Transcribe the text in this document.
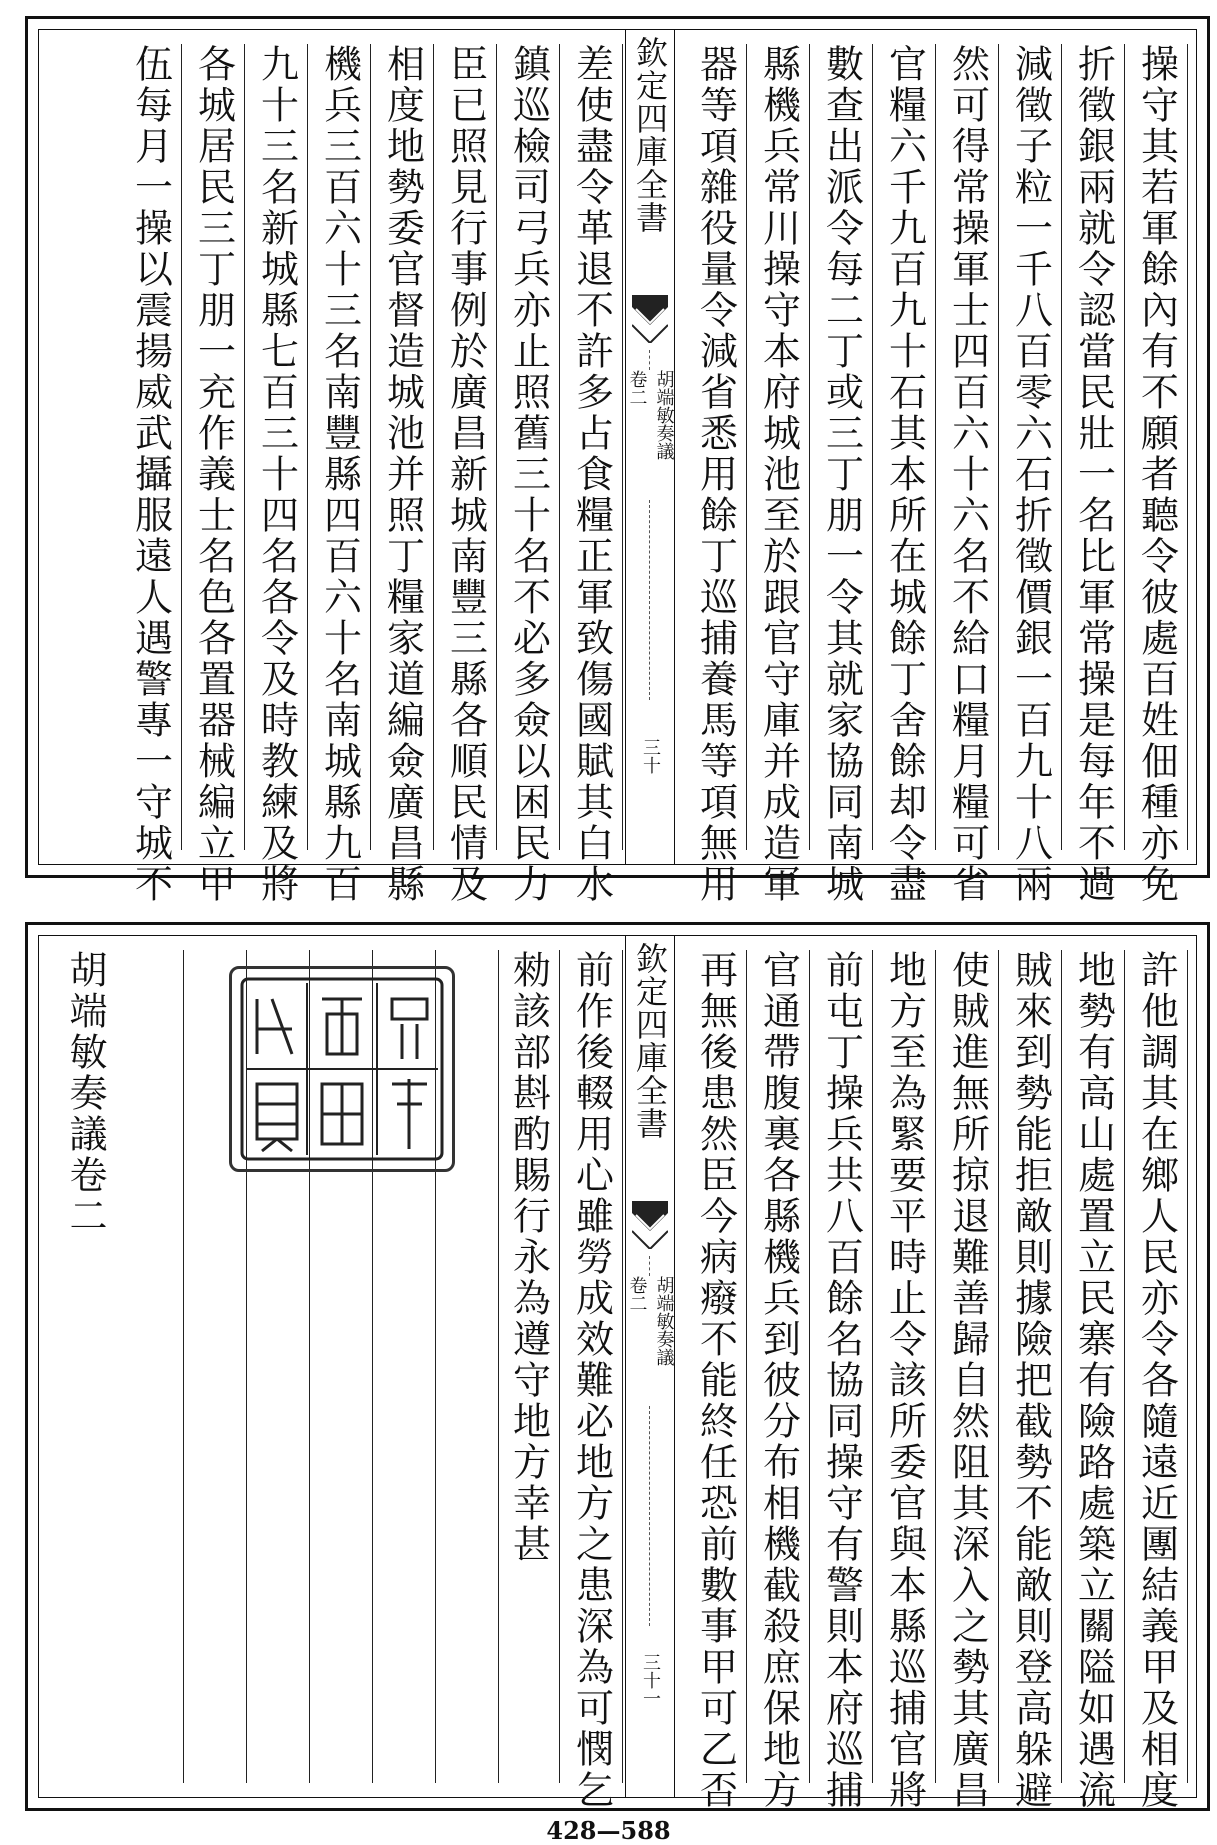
操守其若軍餘內有不願者聽令彼處百姓佃種亦免
折徵銀兩就令認當民壯一名比軍常操是每年不過
減徵子粒一千八百零六石折徵價銀一百九十八兩
然可得常操軍士四百六十六名不給口糧月糧可省
官糧六千九百九十石其本所在城餘丁舍餘却令盡
數查出派令每二丁或三丁朋一令其就家協同南城
縣機兵常川操守本府城池至於跟官守庫并成造軍
器等項雜役量令減省悉用餘丁巡捕養馬等項無用
欽定四庫全書
胡端敏奏議
卷二
三十
差使盡令革退不許多占食糧正軍致傷國賦其白水
鎮巡檢司弓兵亦止照舊三十名不必多僉以困民力
臣已照見行事例於廣昌新城南豐三縣各順民情及
相度地勢委官督造城池并照丁糧家道編僉廣昌縣
機兵三百六十三名南豐縣四百六十名南城縣九百
九十三名新城縣七百三十四名各令及時教練及將
各城居民三丁朋一充作義士名色各置器械編立甲
伍每月一操以震揚威武攝服遠人遇警專一守城不
許他調其在鄉人民亦令各隨遠近團結義甲及相度
地勢有高山處置立民寨有險路處築立關隘如遇流
賊來到勢能拒敵則據險把截勢不能敵則登高躲避
使賊進無所掠退難善歸自然阻其深入之勢其廣昌
地方至為緊要平時止令該所委官與本縣巡捕官將
前屯丁操兵共八百餘名協同操守有警則本府巡捕
官通帶腹裏各縣機兵到彼分布相機截殺庶保地方
再無後患然臣今病癈不能終任恐前數事甲可乙否
欽定四庫全書
胡端敏奏議
卷二
三十一
前作後輟用心雖勞成效難必地方之患深為可憫乞
勑該部斟酌賜行永為遵守地方幸甚
胡端敏奏議卷二
428—588
